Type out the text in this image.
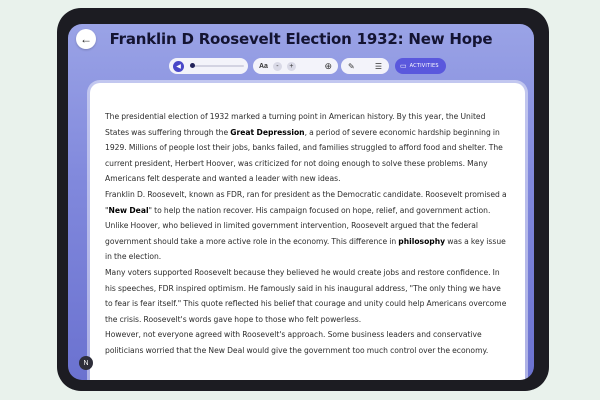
←	Franklin D Roosevelt Election 1932: New Hope
◀	Aa	-	+	⊕ ✎	☰	▭ ACTIVITIES

The presidential election of 1932 marked a turning point in American history. By this year, the United States was suffering through the Great Depression, a period of severe economic hardship beginning in 1929. Millions of people lost their jobs, banks failed, and families struggled to afford food and shelter. The current president, Herbert Hoover, was criticized for not doing enough to solve these problems. Many Americans felt desperate and wanted a leader with new ideas.

Franklin D. Roosevelt, known as FDR, ran for president as the Democratic candidate. Roosevelt promised a "New Deal" to help the nation recover. His campaign focused on hope, relief, and government action. Unlike Hoover, who believed in limited government intervention, Roosevelt argued that the federal government should take a more active role in the economy. This difference in philosophy was a key issue in the election.

Many voters supported Roosevelt because they believed he would create jobs and restore confidence. In his speeches, FDR inspired optimism. He famously said in his inaugural address, "The only thing we have to fear is fear itself." This quote reflected his belief that courage and unity could help Americans overcome the crisis. Roosevelt's words gave hope to those who felt powerless.

However, not everyone agreed with Roosevelt's approach. Some business leaders and conservative politicians worried that the New Deal would give the government too much control over the economy.

N
